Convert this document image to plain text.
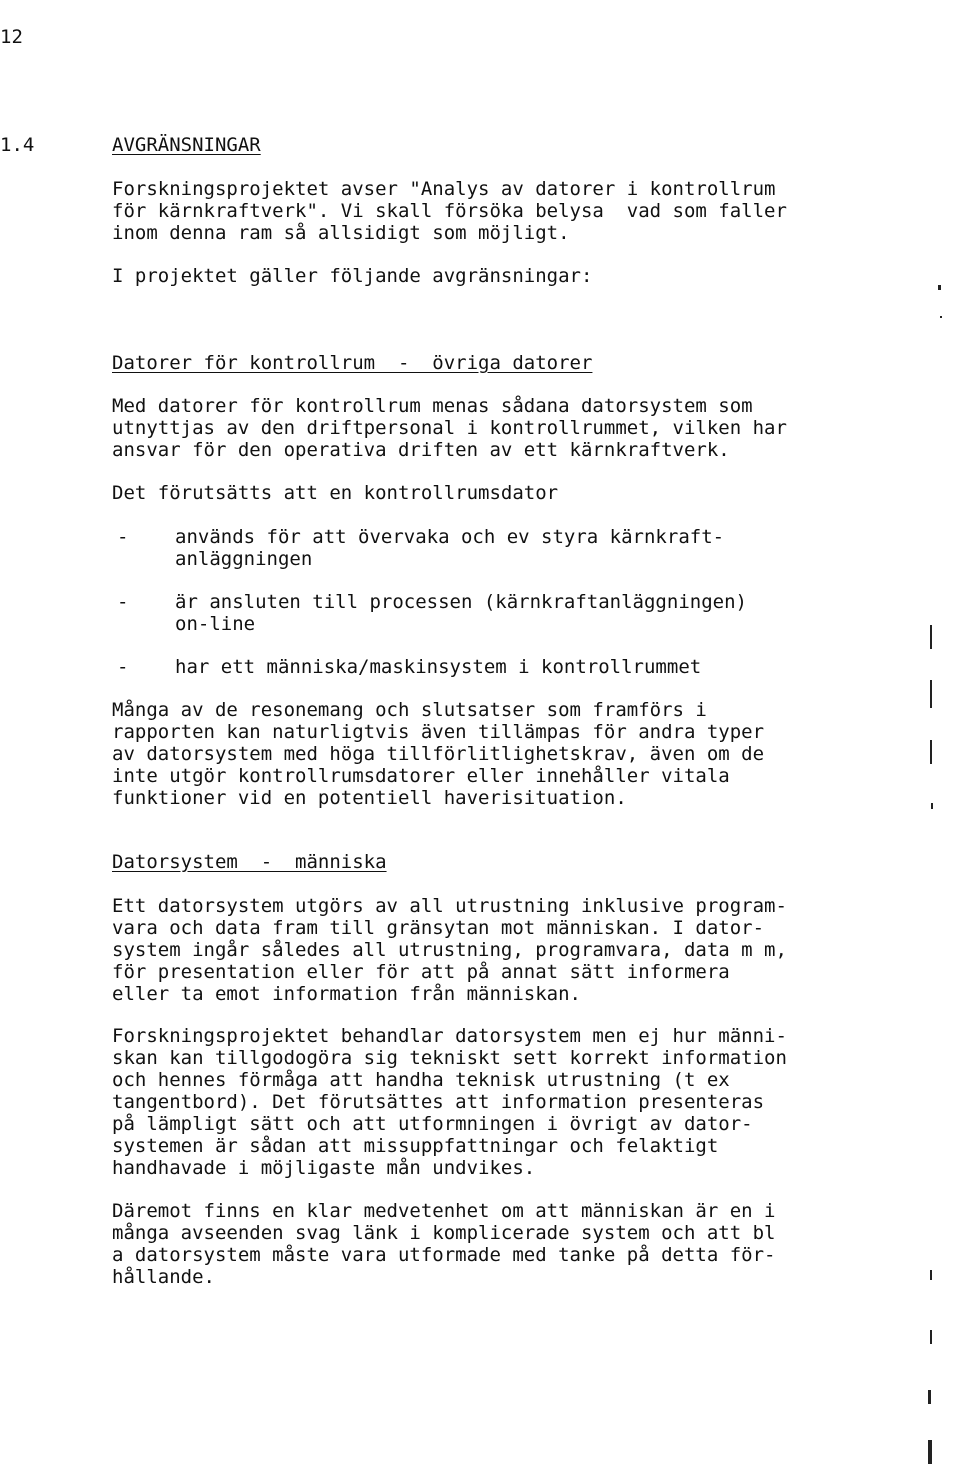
12
1.4	AVGRÄNSNINGAR
Forskningsprojektet avser "Analys av datorer i kontrollrum
för kärnkraftverk". Vi skall försöka belysa  vad som faller
inom denna ram så allsidigt som möjligt.
I projektet gäller följande avgränsningar:
Datorer för kontrollrum  -  övriga datorer
Med datorer för kontrollrum menas sådana datorsystem som
utnyttjas av den driftpersonal i kontrollrummet, vilken har
ansvar för den operativa driften av ett kärnkraftverk.
Det förutsätts att en kontrollrumsdator
- används för att övervaka och ev styra kärnkraft-
anläggningen
- är ansluten till processen (kärnkraftanläggningen)
on-line
- har ett människa/maskinsystem i kontrollrummet
Många av de resonemang och slutsatser som framförs i
rapporten kan naturligtvis även tillämpas för andra typer
av datorsystem med höga tillförlitlighetskrav, även om de
inte utgör kontrollrumsdatorer eller innehåller vitala
funktioner vid en potentiell haverisituation.
Datorsystem  -  människa
Ett datorsystem utgörs av all utrustning inklusive program-
vara och data fram till gränsytan mot människan. I dator-
system ingår således all utrustning, programvara, data m m,
för presentation eller för att på annat sätt informera
eller ta emot information från människan.
Forskningsprojektet behandlar datorsystem men ej hur männi-
skan kan tillgodogöra sig tekniskt sett korrekt information
och hennes förmåga att handha teknisk utrustning (t ex
tangentbord). Det förutsättes att information presenteras
på lämpligt sätt och att utformningen i övrigt av dator-
systemen är sådan att missuppfattningar och felaktigt
handhavade i möjligaste mån undvikes.
Däremot finns en klar medvetenhet om att människan är en i
många avseenden svag länk i komplicerade system och att bl
a datorsystem måste vara utformade med tanke på detta för-
hållande.
